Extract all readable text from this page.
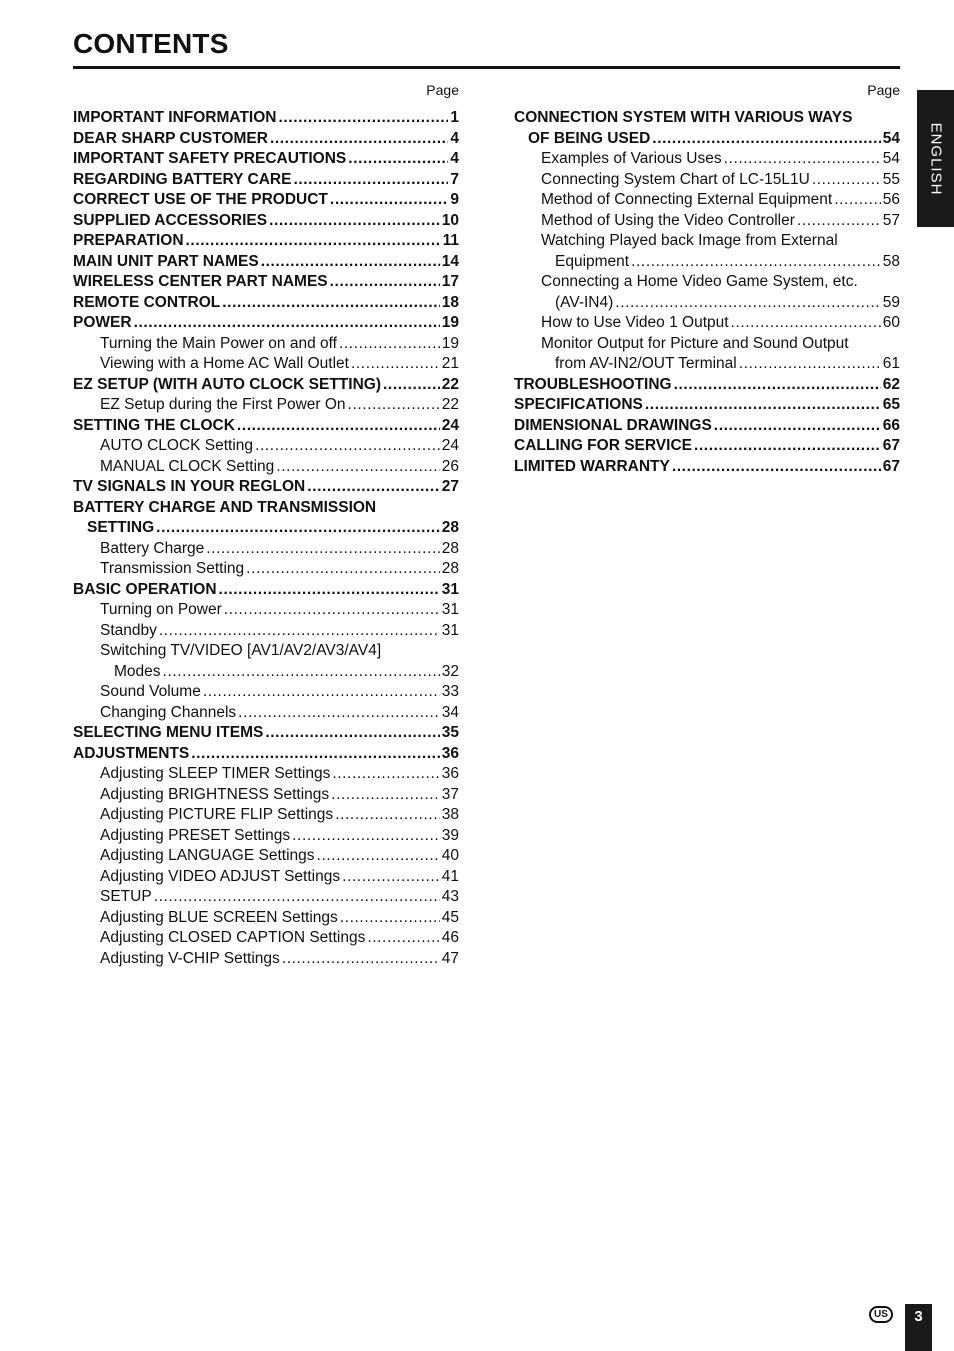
CONTENTS
Page
IMPORTANT INFORMATION .....	1
DEAR SHARP CUSTOMER .....	4
IMPORTANT SAFETY PRECAUTIONS .....	4
REGARDING BATTERY CARE .....	7
CORRECT USE OF THE PRODUCT .....	9
SUPPLIED ACCESSORIES .....	10
PREPARATION .....	11
MAIN UNIT PART NAMES .....	14
WIRELESS CENTER PART NAMES .....	17
REMOTE CONTROL .....	18
POWER .....	19
Turning the Main Power on and off .....	19
Viewing with a Home AC Wall Outlet .....	21
EZ SETUP (WITH AUTO CLOCK SETTING) .....	22
EZ Setup during the First Power On .....	22
SETTING THE CLOCK .....	24
AUTO CLOCK Setting .....	24
MANUAL CLOCK Setting .....	26
TV SIGNALS IN YOUR REGLON .....	27
BATTERY CHARGE AND TRANSMISSION
SETTING .....	28
Battery Charge .....	28
Transmission Setting .....	28
BASIC OPERATION .....	31
Turning on Power .....	31
Standby .....	31
Switching TV/VIDEO [AV1/AV2/AV3/AV4]
Modes .....	32
Sound Volume .....	33
Changing Channels .....	34
SELECTING MENU ITEMS .....	35
ADJUSTMENTS .....	36
Adjusting SLEEP TIMER Settings .....	36
Adjusting BRIGHTNESS Settings .....	37
Adjusting PICTURE FLIP Settings .....	38
Adjusting PRESET Settings .....	39
Adjusting LANGUAGE Settings .....	40
Adjusting VIDEO ADJUST Settings .....	41
SETUP .....	43
Adjusting BLUE SCREEN Settings .....	45
Adjusting CLOSED CAPTION Settings .....	46
Adjusting V-CHIP Settings .....	47
Page
CONNECTION SYSTEM WITH VARIOUS WAYS
OF BEING USED .....	54
Examples of Various Uses .....	54
Connecting System Chart of LC-15L1U .....	55
Method of Connecting External Equipment .....	56
Method of Using the Video Controller .....	57
Watching Played back Image from External
Equipment .....	58
Connecting a Home Video Game System, etc.
(AV-IN4) .....	59
How to Use Video 1 Output .....	60
Monitor Output for Picture and Sound Output
from AV-IN2/OUT Terminal .....	61
TROUBLESHOOTING .....	62
SPECIFICATIONS .....	65
DIMENSIONAL DRAWINGS .....	66
CALLING FOR SERVICE .....	67
LIMITED WARRANTY .....	67
ENGLISH
US	3
